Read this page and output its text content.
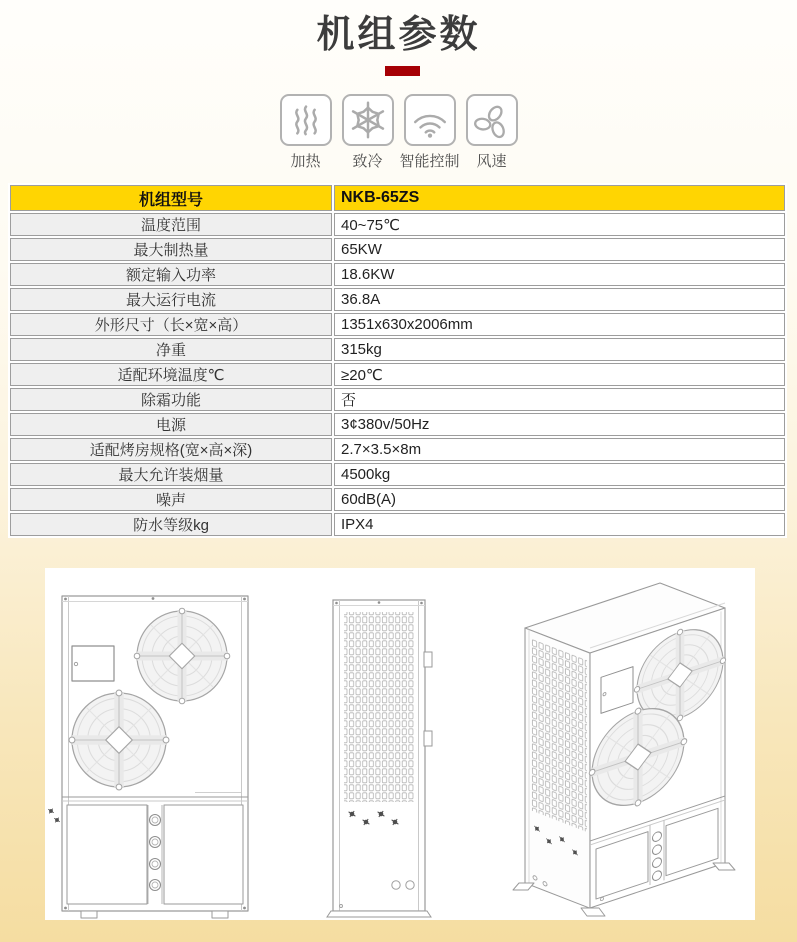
机组参数
加热 致冷 智能控制 风速
机组型号	NKB-65ZS
温度范围	40~75℃
最大制热量	65KW
额定输入功率	18.6KW
最大运行电流	36.8A
外形尺寸（长×宽×高）	1351x630x2006mm
净重	315kg
适配环境温度℃	≥20℃
除霜功能	否
电源	3¢380v/50Hz
适配烤房规格(宽×高×深)	2.7×3.5×8m
最大允许装烟量	4500kg
噪声	60dB(A)
防水等级kg	IPX4
